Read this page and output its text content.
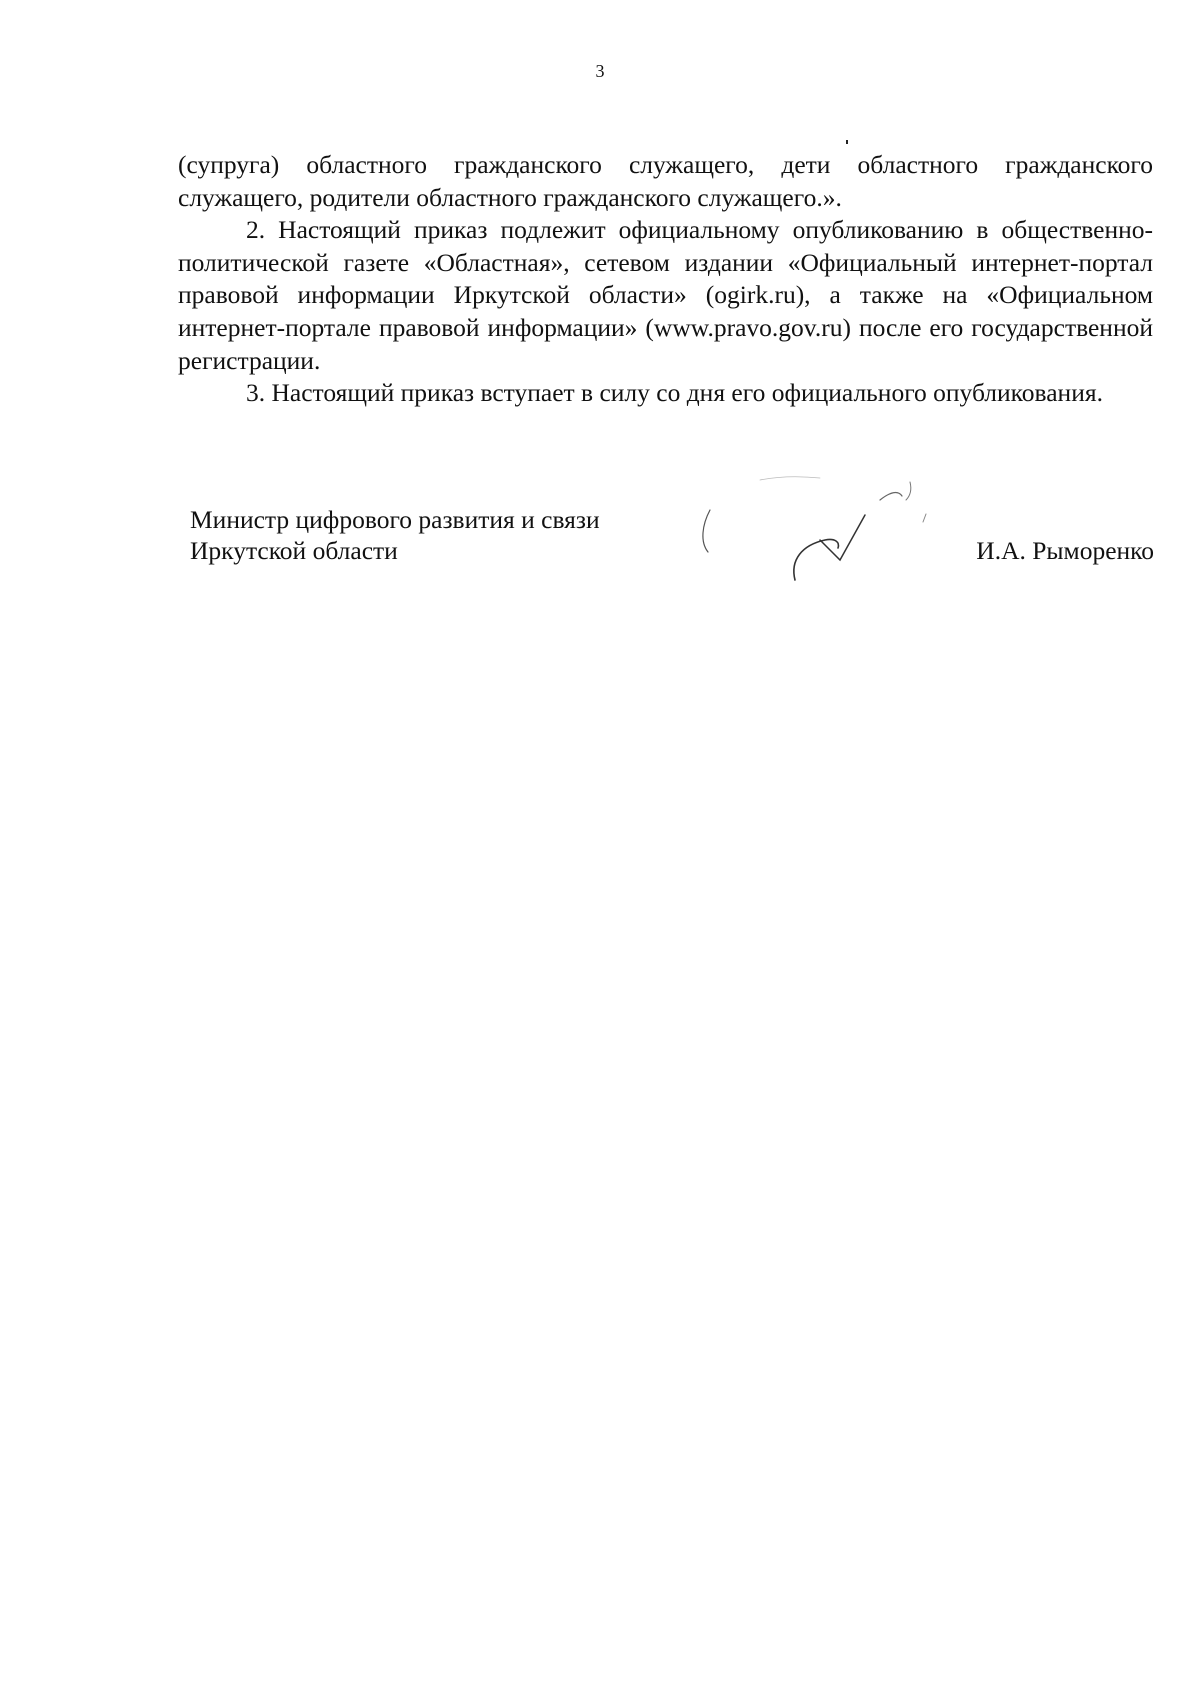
3

(супруга) областного гражданского служащего, дети областного гражданского служащего, родители областного гражданского служащего.».

2. Настоящий приказ подлежит официальному опубликованию в общественно-политической газете «Областная», сетевом издании «Официальный интернет-портал правовой информации Иркутской области» (ogirk.ru), а также на «Официальном интернет-портале правовой информации» (www.pravo.gov.ru) после его государственной регистрации.

3. Настоящий приказ вступает в силу со дня его официального опубликования.

Министр цифрового развития и связи
Иркутской области	И.А. Рыморенко
